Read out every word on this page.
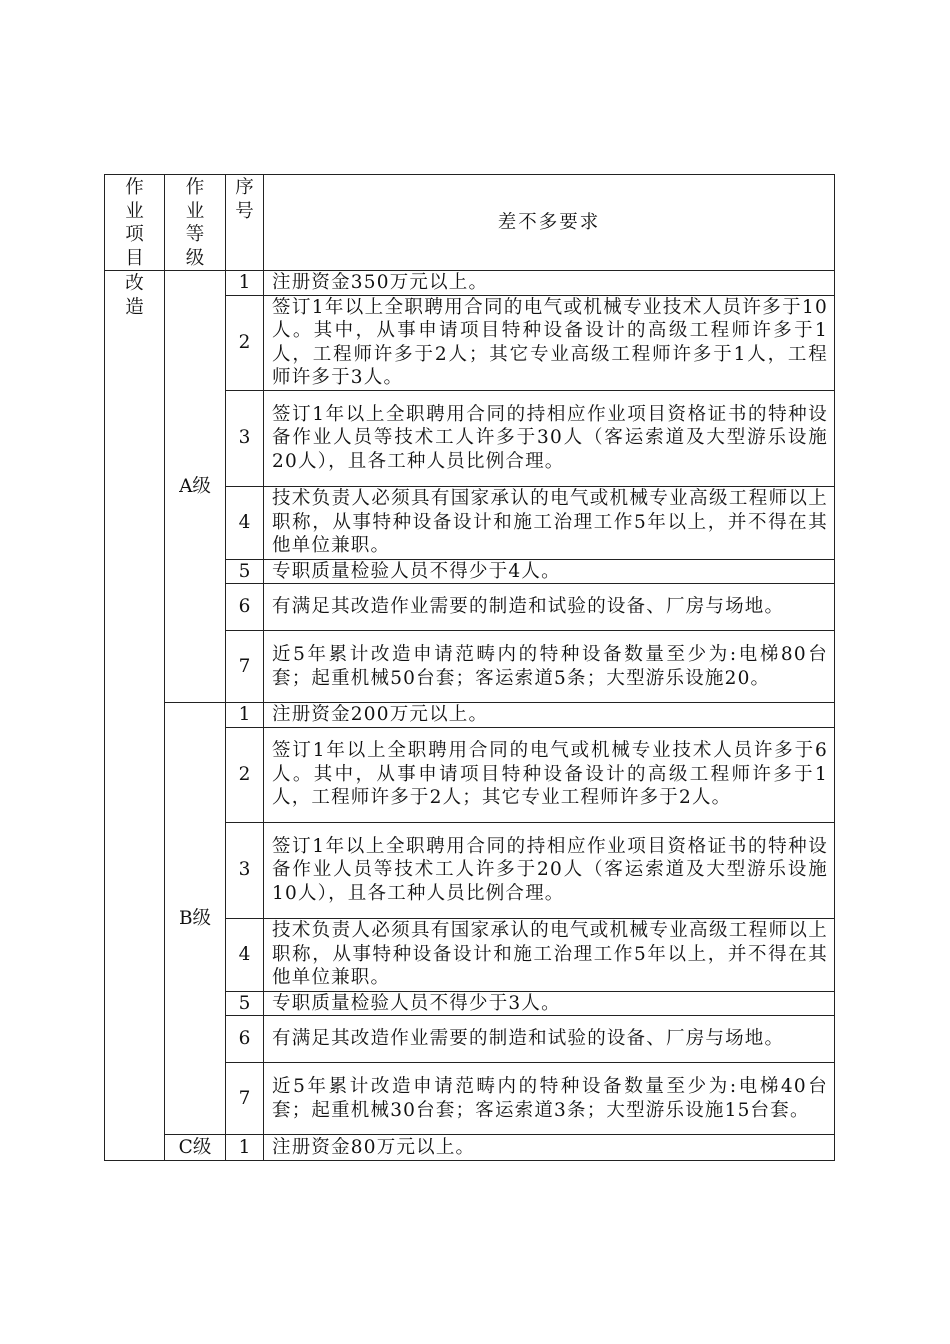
作业项目	作业等级	序号	差不多要求

改造	A级	1	注册资金350万元以上。
		2	签订1年以上全职聘用合同的电气或机械专业技术人员许多于10人。其中，从事申请项目特种设备设计的高级工程师许多于1人，工程师许多于2人；其它专业高级工程师许多于1人，工程师许多于3人。
		3	签订1年以上全职聘用合同的持相应作业项目资格证书的特种设备作业人员等技术工人许多于30人（客运索道及大型游乐设施20人），且各工种人员比例合理。
		4	技术负责人必须具有国家承认的电气或机械专业高级工程师以上职称，从事特种设备设计和施工治理工作5年以上，并不得在其他单位兼职。
		5	专职质量检验人员不得少于4人。
		6	有满足其改造作业需要的制造和试验的设备、厂房与场地。
		7	近5年累计改造申请范畴内的特种设备数量至少为:电梯80台套；起重机械50台套；客运索道5条；大型游乐设施20。
	B级	1	注册资金200万元以上。
		2	签订1年以上全职聘用合同的电气或机械专业技术人员许多于6人。其中，从事申请项目特种设备设计的高级工程师许多于1人，工程师许多于2人；其它专业工程师许多于2人。
		3	签订1年以上全职聘用合同的持相应作业项目资格证书的特种设备作业人员等技术工人许多于20人（客运索道及大型游乐设施10人），且各工种人员比例合理。
		4	技术负责人必须具有国家承认的电气或机械专业高级工程师以上职称，从事特种设备设计和施工治理工作5年以上，并不得在其他单位兼职。
		5	专职质量检验人员不得少于3人。
		6	有满足其改造作业需要的制造和试验的设备、厂房与场地。
		7	近5年累计改造申请范畴内的特种设备数量至少为:电梯40台套；起重机械30台套；客运索道3条；大型游乐设施15台套。
	C级	1	注册资金80万元以上。
